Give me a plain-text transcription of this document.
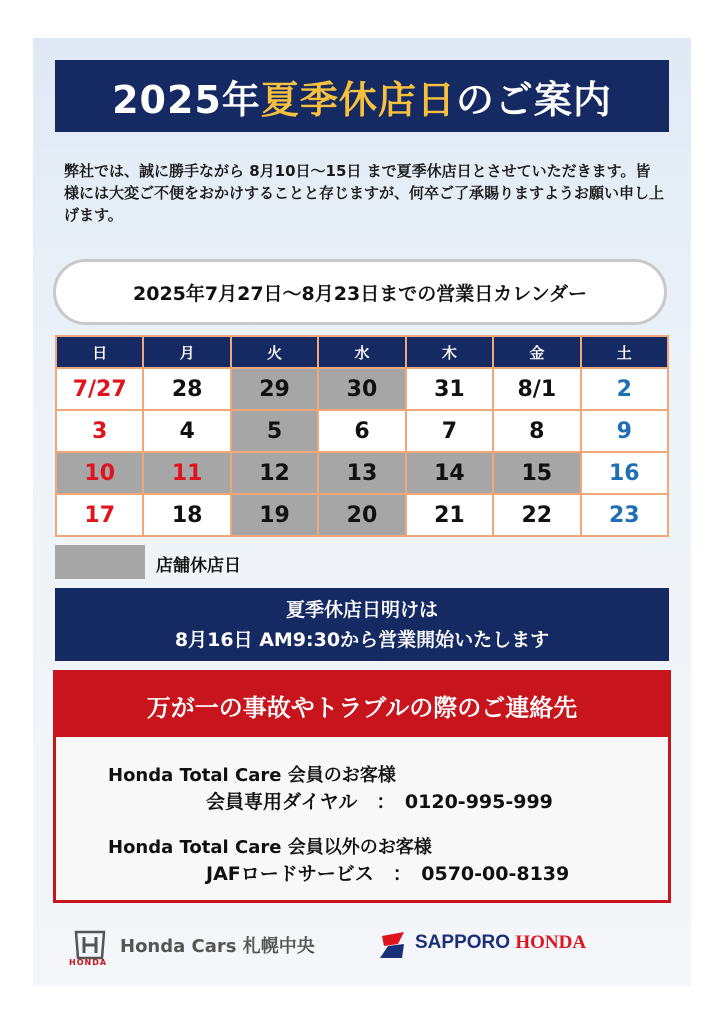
2025年 夏季休店日 のご案内
弊社では、誠に勝手ながら 8月10日～15日 まで夏季休店日とさせていただきます。皆様には大変ご不便をおかけすることと存じますが、何卒ご了承賜りますようお願い申し上げます。
2025年7月27日～8月23日までの営業日カレンダー
日	月	火	水	木	金	土
7/27	28	29	30	31	8/1	2
3	4	5	6	7	8	9
10	11	12	13	14	15	16
17	18	19	20	21	22	23
店舗休店日
夏季休店日明けは
8月16日 AM9:30から営業開始いたします
万が一の事故やトラブルの際のご連絡先
Honda Total Care 会員のお客様
会員専用ダイヤル　：　0120-995-999
Honda Total Care 会員以外のお客様
JAFロードサービス　：　0570-00-8139
HONDA
Honda Cars 札幌中央	SAPPORO HONDA
